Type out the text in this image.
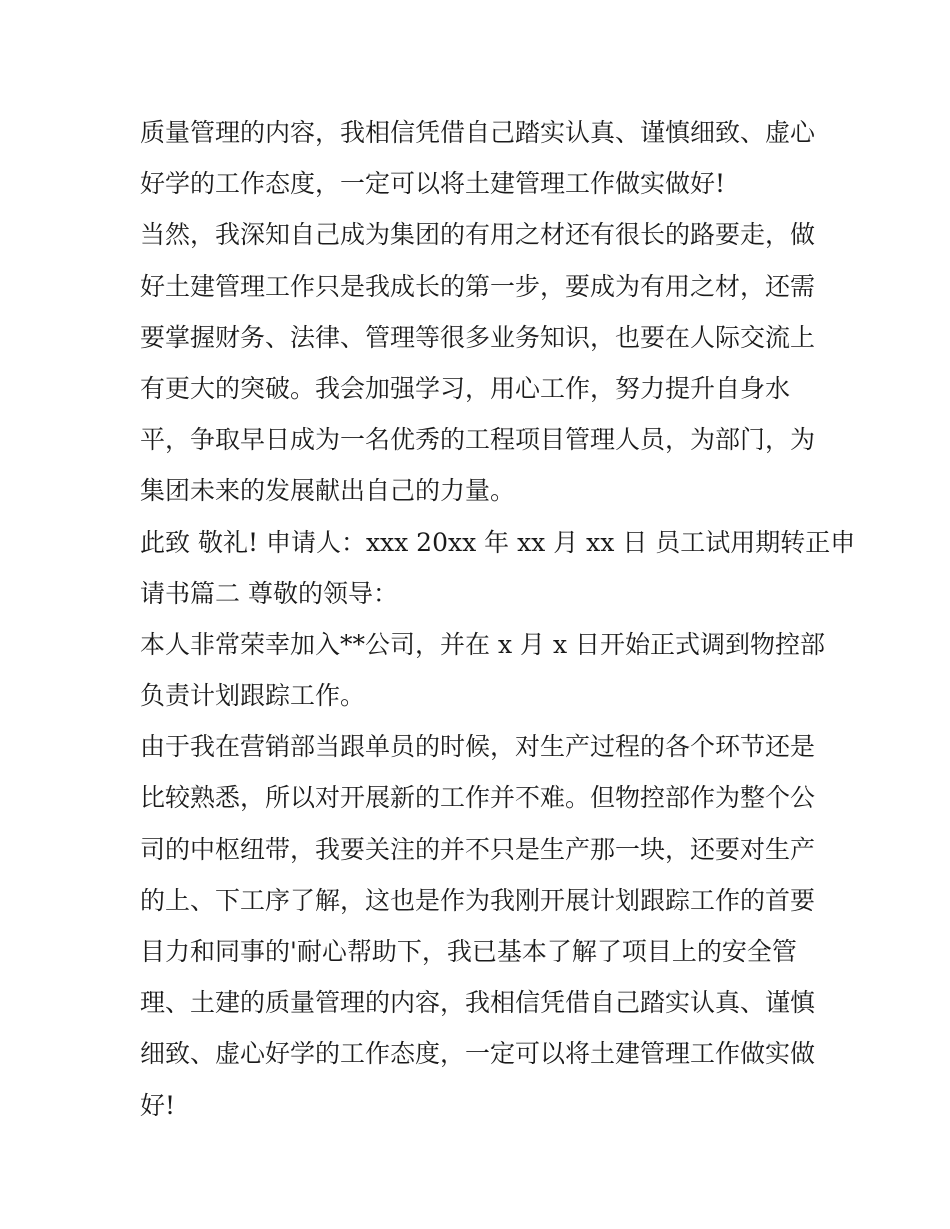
质量管理的内容，我相信凭借自己踏实认真、谨慎细致、虚心
好学的工作态度，一定可以将土建管理工作做实做好!
当然，我深知自己成为集团的有用之材还有很长的路要走，做
好土建管理工作只是我成长的第一步，要成为有用之材，还需
要掌握财务、法律、管理等很多业务知识，也要在人际交流上
有更大的突破。我会加强学习，用心工作，努力提升自身水
平，争取早日成为一名优秀的工程项目管理人员，为部门，为
集团未来的发展献出自己的力量。
此致 敬礼! 申请人：xxx 20xx 年 xx 月 xx 日 员工试用期转正申
请书篇二 尊敬的领导：
本人非常荣幸加入**公司，并在 x 月 x 日开始正式调到物控部
负责计划跟踪工作。
由于我在营销部当跟单员的时候，对生产过程的各个环节还是
比较熟悉，所以对开展新的工作并不难。但物控部作为整个公
司的中枢纽带，我要关注的并不只是生产那一块，还要对生产
的上、下工序了解，这也是作为我刚开展计划跟踪工作的首要
目力和同事的'耐心帮助下，我已基本了解了项目上的安全管
理、土建的质量管理的内容，我相信凭借自己踏实认真、谨慎
细致、虚心好学的工作态度，一定可以将土建管理工作做实做
好!
